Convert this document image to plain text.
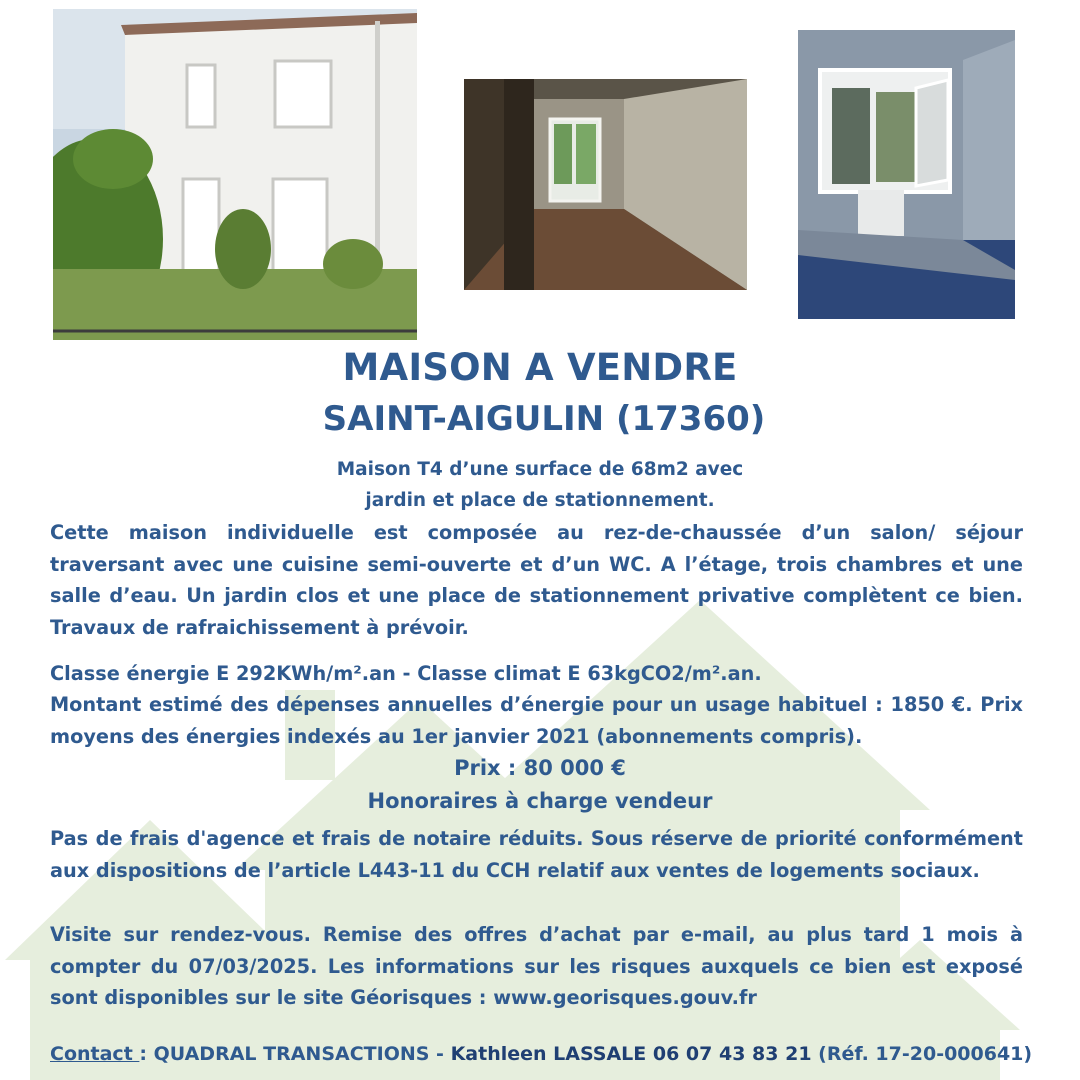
MAISON A VENDRE
SAINT-AIGULIN (17360)
Maison T4 d’une surface de 68m2 avec
jardin et place de stationnement.
Cette maison individuelle est composée au rez-de-chaussée d’un salon/ séjour traversant avec une cuisine semi-ouverte et d’un WC. A l’étage, trois chambres et une salle d’eau. Un jardin clos et une place de stationnement privative complètent ce bien. Travaux de rafraichissement à prévoir.
Classe énergie E 292KWh/m².an - Classe climat E 63kgCO2/m².an.
Montant estimé des dépenses annuelles d’énergie pour un usage habituel : 1850 €. Prix moyens des énergies indexés au 1er janvier 2021 (abonnements compris).
Prix : 80 000 €
Honoraires à charge vendeur
Pas de frais d'agence et frais de notaire réduits. Sous réserve de priorité conformément aux dispositions de l’article L443-11 du CCH relatif aux ventes de logements sociaux.
Visite sur rendez-vous. Remise des offres d’achat par e-mail, au plus tard 1 mois à compter du 07/03/2025. Les informations sur les risques auxquels ce bien est exposé sont disponibles sur le site Géorisques : www.georisques.gouv.fr
Contact : QUADRAL TRANSACTIONS - Kathleen LASSALE 06 07 43 83 21 (Réf. 17-20-000641)
